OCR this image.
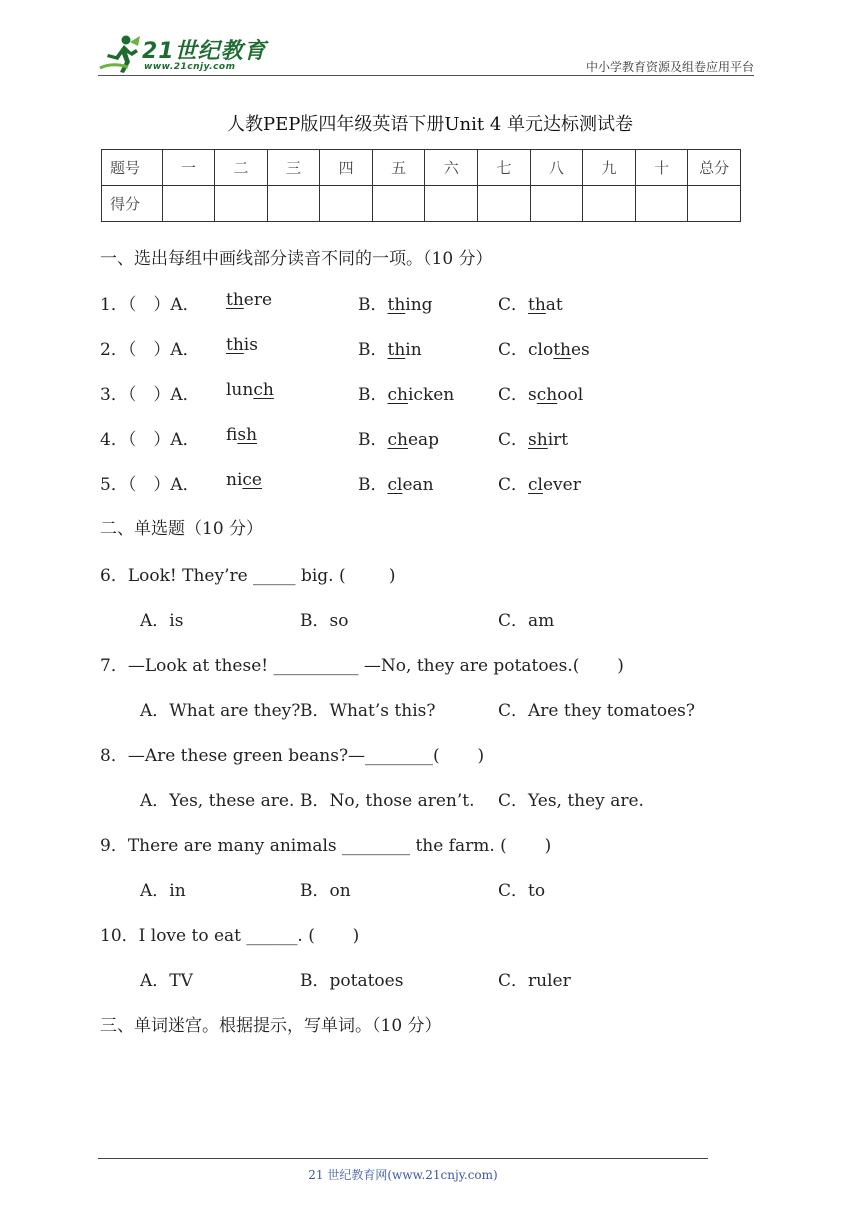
21世纪教育
www.21cnjy.com	中小学教育资源及组卷应用平台
人教PEP版四年级英语下册Unit 4 单元达标测试卷
题号	一	二	三	四	五	六	七	八	九	十	总分
得分											
一、选出每组中画线部分读音不同的一项。（10 分）
1．（　）A． there	B．thing	C．that
2．（　）A． this	B．thin	C．clothes
3．（　）A． lunch	B．chicken	C．school
4．（　）A． fish	B．cheap	C．shirt
5．（　）A． nice	B．clean	C．clever
二、单选题（10 分）
6．Look! They’re _____ big. (        )
A．is	B．so	C．am
7．—Look at these! __________ —No, they are potatoes.(       )
A．What are they? B．What’s this?	C．Are they tomatoes?
8．—Are these green beans?—________(       )
A．Yes, these are. B．No, those aren’t. C．Yes, they are.
9．There are many animals ________ the farm. (       )
A．in	B．on	C．to
10．I love to eat ______. (       )
A．TV	B．potatoes	C．ruler
三、单词迷宫。根据提示，写单词。（10 分）
21 世纪教育网(www.21cnjy.com)
